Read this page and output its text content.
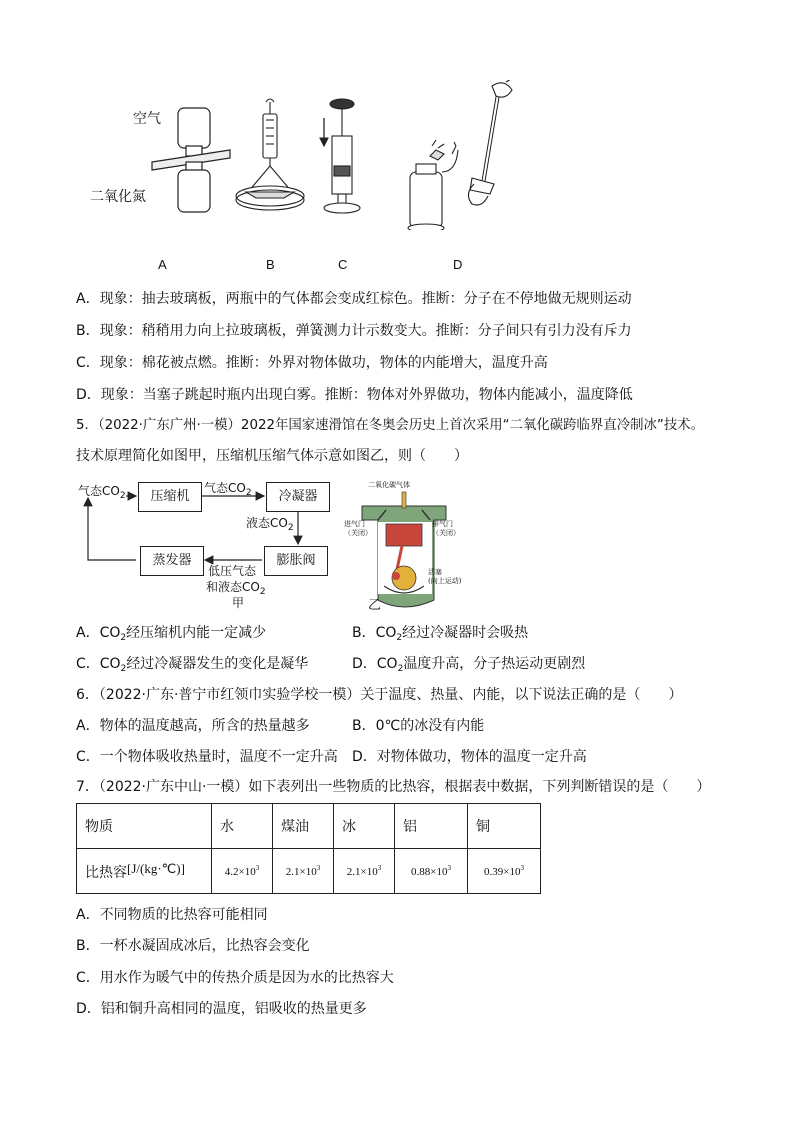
空气
二氧化氮
A	B	C	D
A．现象：抽去玻璃板，两瓶中的气体都会变成红棕色。推断：分子在不停地做无规则运动
B．现象：稍稍用力向上拉玻璃板，弹簧测力计示数变大。推断：分子间只有引力没有斥力
C．现象：棉花被点燃。推断：外界对物体做功，物体的内能增大，温度升高
D．现象：当塞子跳起时瓶内出现白雾。推断：物体对外界做功，物体内能减小，温度降低
5．（2022·广东广州·一模）2022年国家速滑馆在冬奥会历史上首次采用“二氧化碳跨临界直冷制冰”技术。
技术原理简化如图甲，压缩机压缩气体示意如图乙，则（　　）
气态$CO_2$	压缩机
气态$CO_2$	冷凝器
液态$CO_2$
膨胀阀
蒸发器
低压气态
和液态$CO_2$
甲
二氧化碳气体
进气门
（关闭）
排气门
（关闭）
活塞
(向上运动)
乙
A．$CO_2$经压缩机内能一定减少	B．$CO_2$经过冷凝器时会吸热
C．$CO_2$经过冷凝器发生的变化是凝华	D．$CO_2$温度升高，分子热运动更剧烈
6．（2022·广东·普宁市红领巾实验学校一模）关于温度、热量、内能，以下说法正确的是（　　）
A．物体的温度越高，所含的热量越多	B．0℃的冰没有内能
C．一个物体吸收热量时，温度不一定升高 D．对物体做功，物体的温度一定升高
7．（2022·广东中山·一模）如下表列出一些物质的比热容，根据表中数据，下列判断错误的是（　　）
物质	水	煤油	冰	铝	铜
比热容[J/(kg·℃)]	$4.2\times 10^3$	$2.1\times 10^3$	$2.1\times 10^3$	$0.88\times 10^3$	$0.39\times 10^3$
A．不同物质的比热容可能相同
B．一杯水凝固成冰后，比热容会变化
C．用水作为暖气中的传热介质是因为水的比热容大
D．铝和铜升高相同的温度，铝吸收的热量更多
